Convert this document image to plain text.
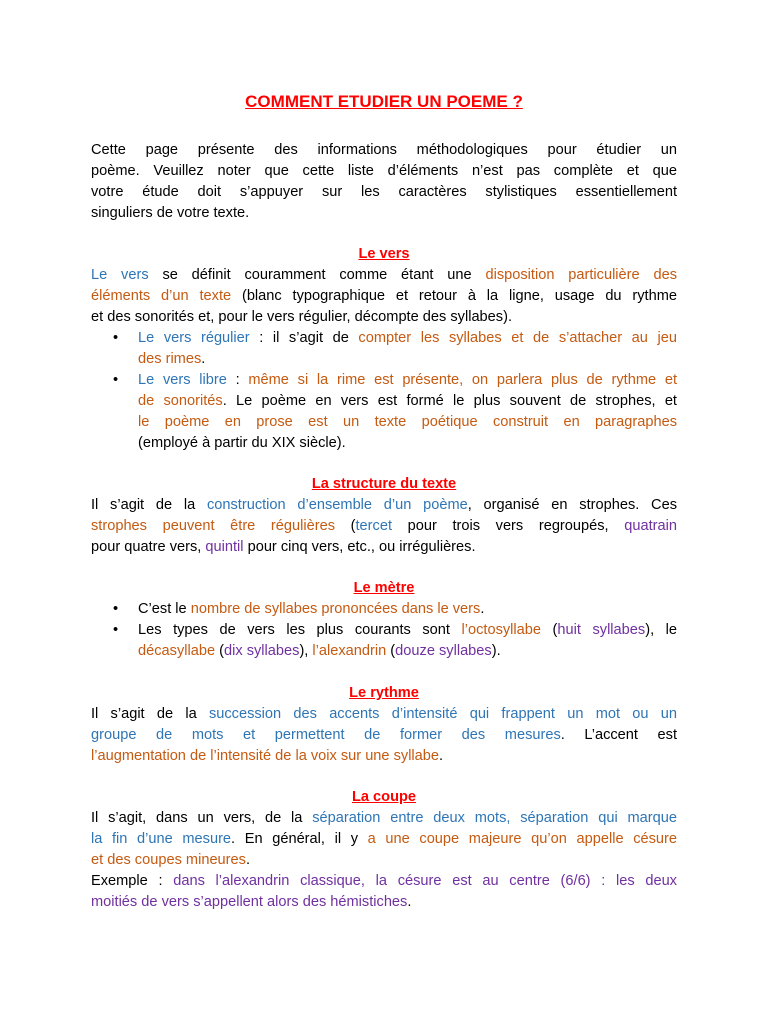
COMMENT ETUDIER UN POEME ?
Cette page présente des informations méthodologiques pour étudier un
poème. Veuillez noter que cette liste d’éléments n’est pas complète et que
votre étude doit s’appuyer sur les caractères stylistiques essentiellement
singuliers de votre texte.
Le vers
Le vers se définit couramment comme étant une disposition particulière des
éléments d’un texte (blanc typographique et retour à la ligne, usage du rythme
et des sonorités et, pour le vers régulier, décompte des syllabes).
• Le vers régulier : il s’agit de compter les syllabes et de s’attacher au jeu
des rimes.
• Le vers libre : même si la rime est présente, on parlera plus de rythme et
de sonorités. Le poème en vers est formé le plus souvent de strophes, et
le poème en prose est un texte poétique construit en paragraphes
(employé à partir du XIX siècle).
La structure du texte
Il s’agit de la construction d’ensemble d’un poème, organisé en strophes. Ces
strophes peuvent être régulières (tercet pour trois vers regroupés, quatrain
pour quatre vers, quintil pour cinq vers, etc., ou irrégulières.
Le mètre
• C’est le nombre de syllabes prononcées dans le vers.
• Les types de vers les plus courants sont l’octosyllabe (huit syllabes), le
décasyllabe (dix syllabes), l’alexandrin (douze syllabes).
Le rythme
Il s’agit de la succession des accents d’intensité qui frappent un mot ou un
groupe de mots et permettent de former des mesures. L’accent est
l’augmentation de l’intensité de la voix sur une syllabe.
La coupe
Il s’agit, dans un vers, de la séparation entre deux mots, séparation qui marque
la fin d’une mesure. En général, il y a une coupe majeure qu’on appelle césure
et des coupes mineures.
Exemple : dans l’alexandrin classique, la césure est au centre (6/6) : les deux
moitiés de vers s’appellent alors des hémistiches.
